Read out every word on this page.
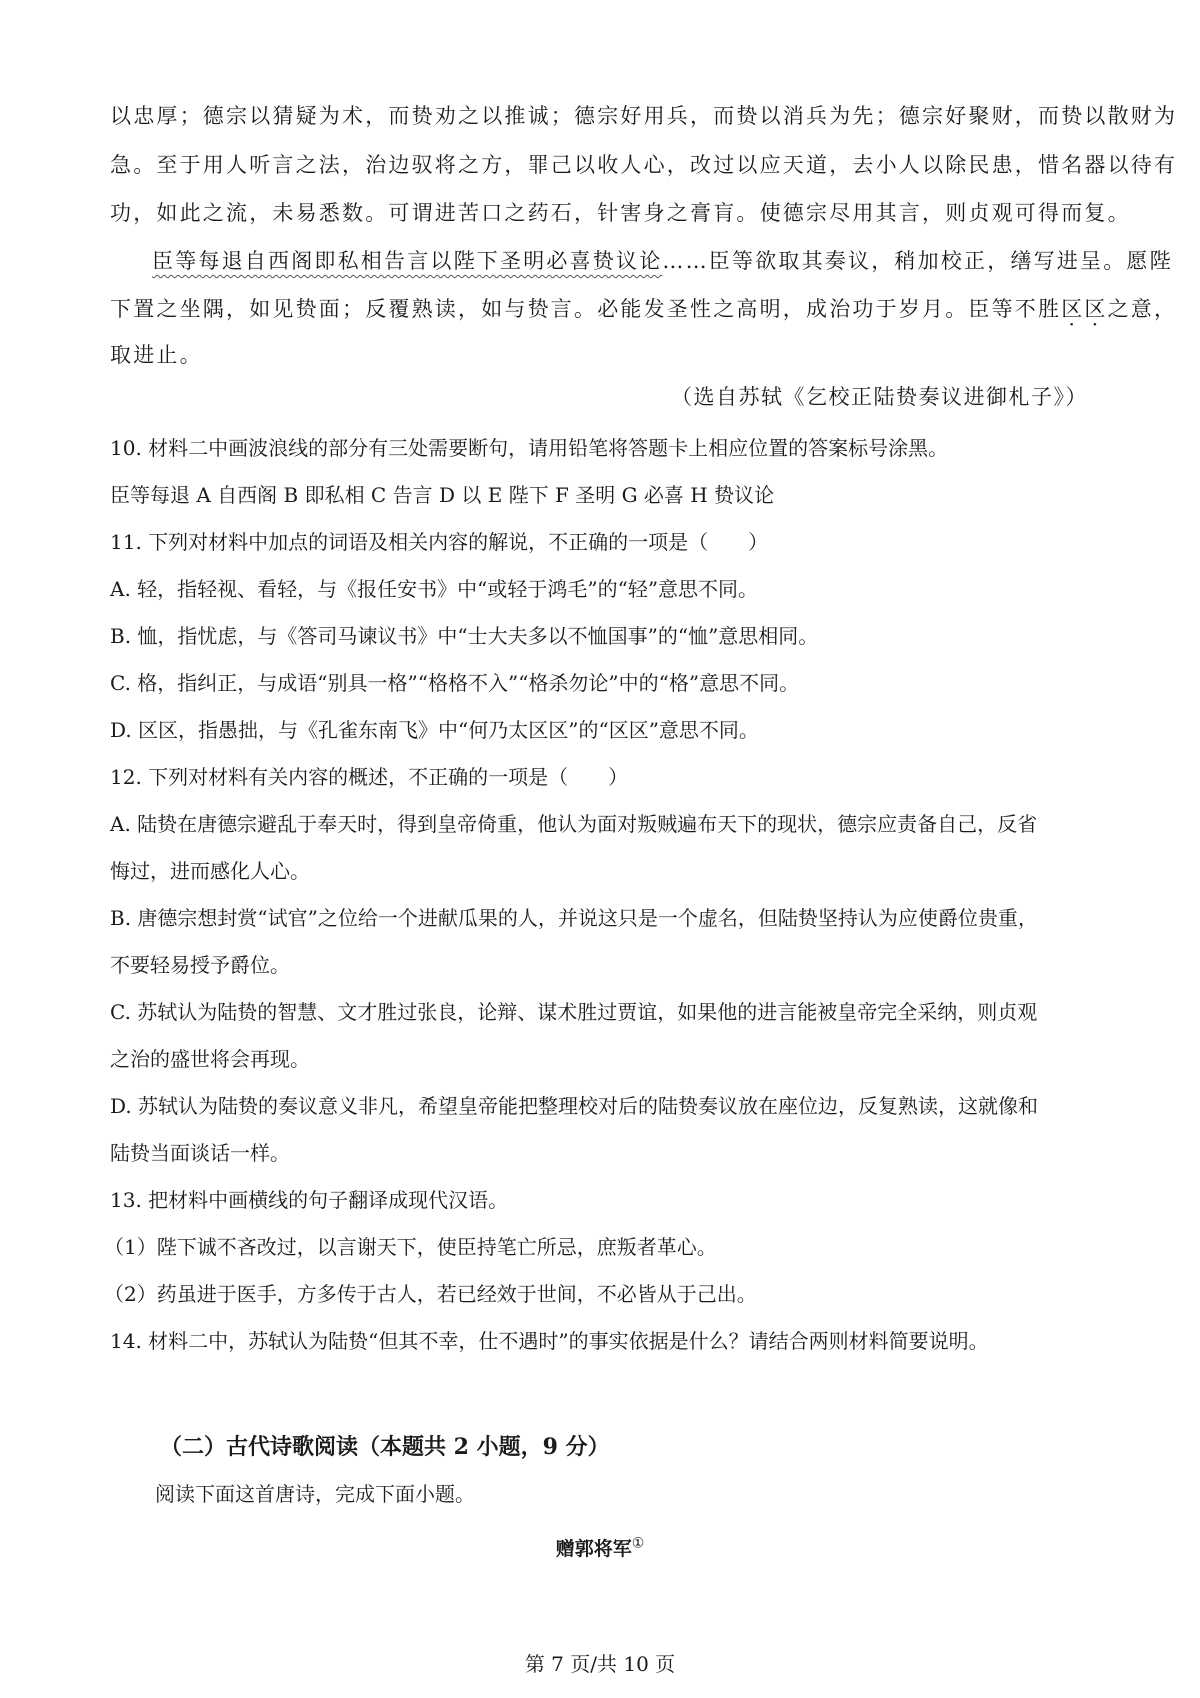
以忠厚；德宗以猜疑为术，而贽劝之以推诚；德宗好用兵，而贽以消兵为先；德宗好聚财，而贽以散财为
急。至于用人听言之法，治边驭将之方，罪己以收人心，改过以应天道，去小人以除民患，惜名器以待有
功，如此之流，未易悉数。可谓进苦口之药石，针害身之膏肓。使德宗尽用其言，则贞观可得而复。
臣等每退自西阁即私相告言以陛下圣明必喜贽议论……臣等欲取其奏议，稍加校正，缮写进呈。愿陛
下置之坐隅，如见贽面；反覆熟读，如与贽言。必能发圣性之高明，成治功于岁月。臣等不胜区区之意，
取进止。
（选自苏轼《乞校正陆贽奏议进御札子》）
10. 材料二中画波浪线的部分有三处需要断句，请用铅笔将答题卡上相应位置的答案标号涂黑。
臣等每退 A 自西阁 B 即私相 C 告言 D 以 E 陛下 F 圣明 G 必喜 H 贽议论
11. 下列对材料中加点的词语及相关内容的解说，不正确的一项是（　　）
A. 轻，指轻视、看轻，与《报任安书》中“或轻于鸿毛”的“轻”意思不同。
B. 恤，指忧虑，与《答司马谏议书》中“士大夫多以不恤国事”的“恤”意思相同。
C. 格，指纠正，与成语“别具一格”“格格不入”“格杀勿论”中的“格”意思不同。
D. 区区，指愚拙，与《孔雀东南飞》中“何乃太区区”的“区区”意思不同。
12. 下列对材料有关内容的概述，不正确的一项是（　　）
A. 陆贽在唐德宗避乱于奉天时，得到皇帝倚重，他认为面对叛贼遍布天下的现状，德宗应责备自己，反省
悔过，进而感化人心。
B. 唐德宗想封赏“试官”之位给一个进献瓜果的人，并说这只是一个虚名，但陆贽坚持认为应使爵位贵重，
不要轻易授予爵位。
C. 苏轼认为陆贽的智慧、文才胜过张良，论辩、谋术胜过贾谊，如果他的进言能被皇帝完全采纳，则贞观
之治的盛世将会再现。
D. 苏轼认为陆贽的奏议意义非凡，希望皇帝能把整理校对后的陆贽奏议放在座位边，反复熟读，这就像和
陆贽当面谈话一样。
13. 把材料中画横线的句子翻译成现代汉语。
（1）陛下诚不吝改过，以言谢天下，使臣持笔亡所忌，庶叛者革心。
（2）药虽进于医手，方多传于古人，若已经效于世间，不必皆从于己出。
14. 材料二中，苏轼认为陆贽“但其不幸，仕不遇时”的事实依据是什么？请结合两则材料简要说明。
（二）古代诗歌阅读（本题共 2 小题，9 分）
阅读下面这首唐诗，完成下面小题。
赠郭将军①
第 7 页/共 10 页
